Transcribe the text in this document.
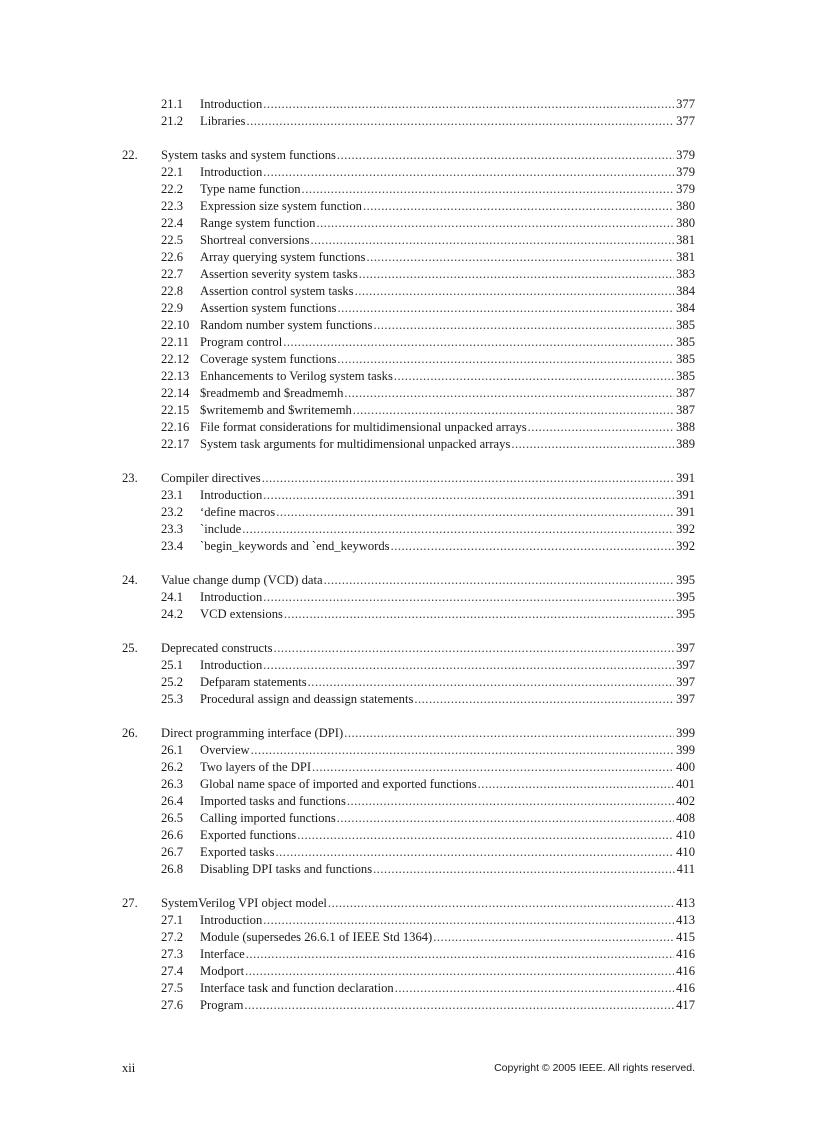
21.1 Introduction .....	377
21.2 Libraries .....	377
22. System tasks and system functions .....	379
22.1 Introduction .....	379
22.2 Type name function .....	379
22.3 Expression size system function .....	380
22.4 Range system function .....	380
22.5 Shortreal conversions .....	381
22.6 Array querying system functions .....	381
22.7 Assertion severity system tasks .....	383
22.8 Assertion control system tasks .....	384
22.9 Assertion system functions .....	384
22.10 Random number system functions .....	385
22.11 Program control .....	385
22.12 Coverage system functions .....	385
22.13 Enhancements to Verilog system tasks .....	385
22.14 $readmemb and $readmemh .....	387
22.15 $writememb and $writememh .....	387
22.16 File format considerations for multidimensional unpacked arrays .....	388
22.17 System task arguments for multidimensional unpacked arrays .....	389
23. Compiler directives .....	391
23.1 Introduction .....	391
23.2 ‘define macros .....	391
23.3 `include .....	392
23.4 `begin_keywords and `end_keywords .....	392
24. Value change dump (VCD) data .....	395
24.1 Introduction .....	395
24.2 VCD extensions .....	395
25. Deprecated constructs .....	397
25.1 Introduction .....	397
25.2 Defparam statements .....	397
25.3 Procedural assign and deassign statements .....	397
26. Direct programming interface (DPI) .....	399
26.1 Overview .....	399
26.2 Two layers of the DPI .....	400
26.3 Global name space of imported and exported functions .....	401
26.4 Imported tasks and functions .....	402
26.5 Calling imported functions .....	408
26.6 Exported functions .....	410
26.7 Exported tasks .....	410
26.8 Disabling DPI tasks and functions .....	411
27. SystemVerilog VPI object model .....	413
27.1 Introduction .....	413
27.2 Module (supersedes 26.6.1 of IEEE Std 1364) .....	415
27.3 Interface .....	416
27.4 Modport .....	416
27.5 Interface task and function declaration .....	416
27.6 Program .....	417
xii	Copyright © 2005 IEEE. All rights reserved.
